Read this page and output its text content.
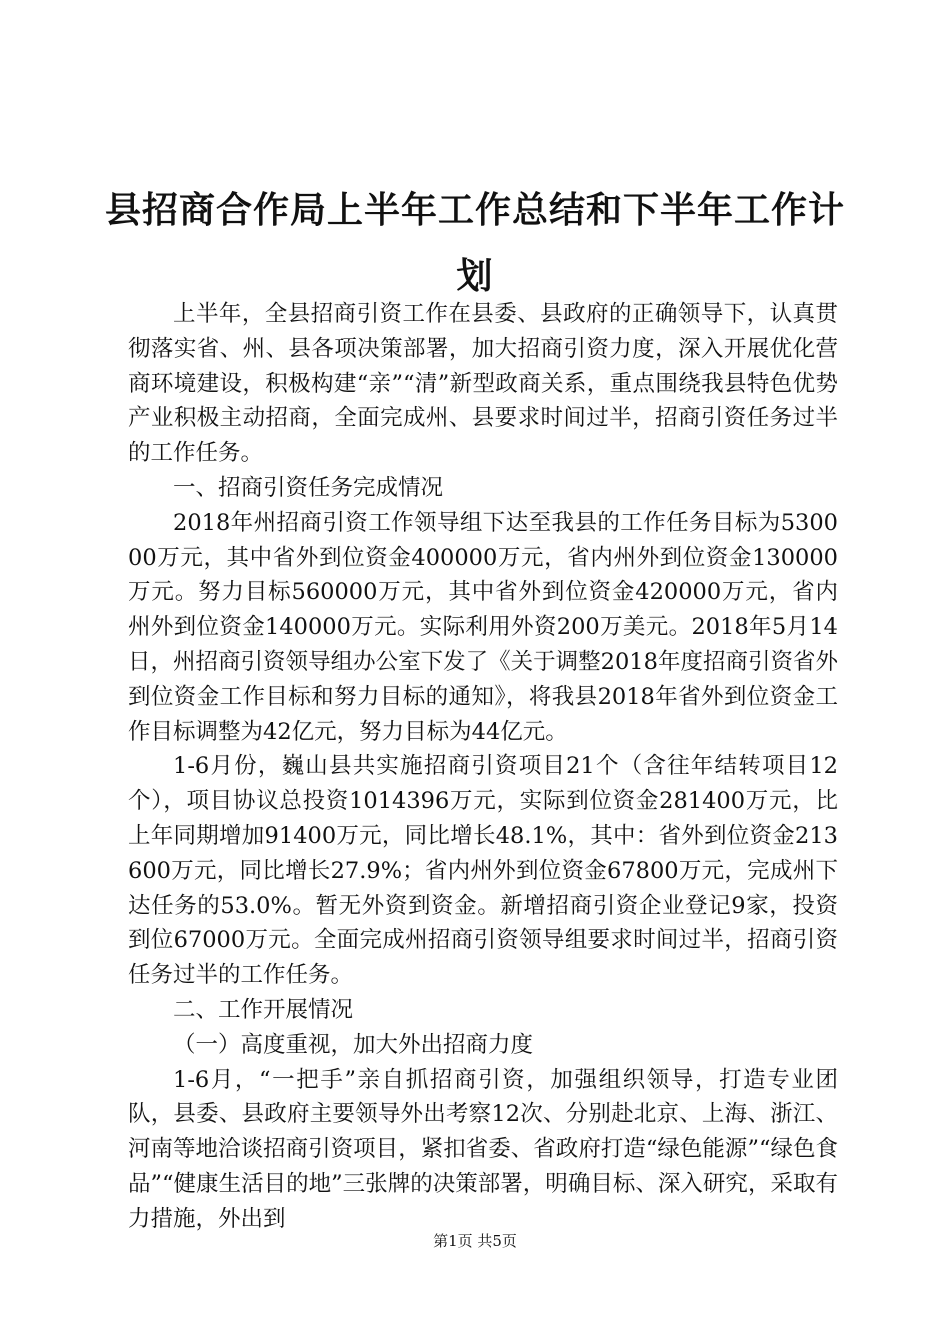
县招商合作局上半年工作总结和下半年工作计划

上半年，全县招商引资工作在县委、县政府的正确领导下，认真贯彻落实省、州、县各项决策部署，加大招商引资力度，深入开展优化营商环境建设，积极构建“亲”“清”新型政商关系，重点围绕我县特色优势产业积极主动招商，全面完成州、县要求时间过半，招商引资任务过半的工作任务。

一、招商引资任务完成情况

2018年州招商引资工作领导组下达至我县的工作任务目标为530000万元，其中省外到位资金400000万元，省内州外到位资金130000万元。努力目标560000万元，其中省外到位资金420000万元，省内州外到位资金140000万元。实际利用外资200万美元。2018年5月14日，州招商引资领导组办公室下发了《关于调整2018年度招商引资省外到位资金工作目标和努力目标的通知》，将我县2018年省外到位资金工作目标调整为42亿元，努力目标为44亿元。

1-6月份，巍山县共实施招商引资项目21个（含往年结转项目12个），项目协议总投资1014396万元，实际到位资金281400万元，比上年同期增加91400万元，同比增长48.1%，其中：省外到位资金213600万元，同比增长27.9%；省内州外到位资金67800万元，完成州下达任务的53.0%。暂无外资到资金。新增招商引资企业登记9家，投资到位67000万元。全面完成州招商引资领导组要求时间过半，招商引资任务过半的工作任务。

二、工作开展情况

（一）高度重视，加大外出招商力度

1-6月，“一把手”亲自抓招商引资，加强组织领导，打造专业团队，县委、县政府主要领导外出考察12次、分别赴北京、上海、浙江、河南等地洽谈招商引资项目，紧扣省委、省政府打造“绿色能源”“绿色食品”“健康生活目的地”三张牌的决策部署，明确目标、深入研究，采取有力措施，外出到

第1页 共5页
